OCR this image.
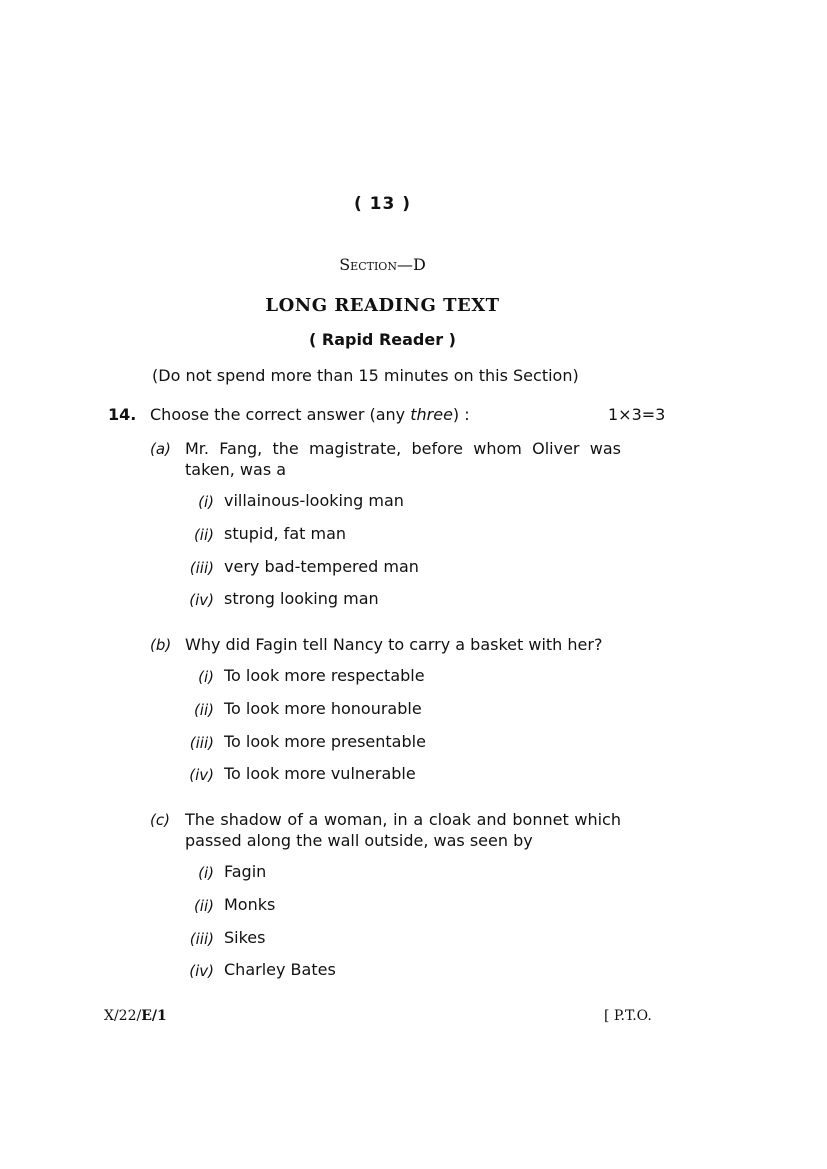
( 13 )
Section—D
LONG READING TEXT
( Rapid Reader )
(Do not spend more than 15 minutes on this Section)
14. Choose the correct answer (any three) :	1×3=3
(a) Mr. Fang, the magistrate, before whom Oliver was taken, was a
(i) villainous-looking man
(ii) stupid, fat man
(iii) very bad-tempered man
(iv) strong looking man
(b) Why did Fagin tell Nancy to carry a basket with her?
(i) To look more respectable
(ii) To look more honourable
(iii) To look more presentable
(iv) To look more vulnerable
(c) The shadow of a woman, in a cloak and bonnet which passed along the wall outside, was seen by
(i) Fagin
(ii) Monks
(iii) Sikes
(iv) Charley Bates
X/22/E/1	[ P.T.O.
